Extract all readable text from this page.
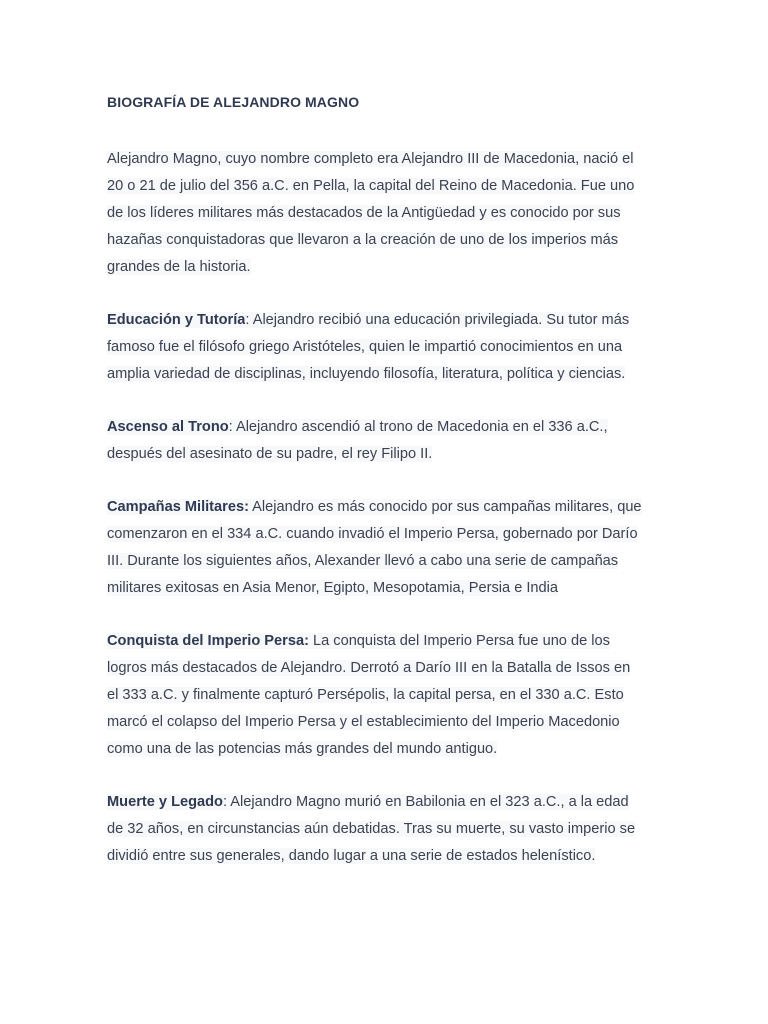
BIOGRAFÍA DE ALEJANDRO MAGNO
Alejandro Magno, cuyo nombre completo era Alejandro III de Macedonia, nació el
20 o 21 de julio del 356 a.C. en Pella, la capital del Reino de Macedonia. Fue uno
de los líderes militares más destacados de la Antigüedad y es conocido por sus
hazañas conquistadoras que llevaron a la creación de uno de los imperios más
grandes de la historia.
Educación y Tutoría: Alejandro recibió una educación privilegiada. Su tutor más
famoso fue el filósofo griego Aristóteles, quien le impartió conocimientos en una
amplia variedad de disciplinas, incluyendo filosofía, literatura, política y ciencias.
Ascenso al Trono: Alejandro ascendió al trono de Macedonia en el 336 a.C.,
después del asesinato de su padre, el rey Filipo II.
Campañas Militares: Alejandro es más conocido por sus campañas militares, que
comenzaron en el 334 a.C. cuando invadió el Imperio Persa, gobernado por Darío
III. Durante los siguientes años, Alexander llevó a cabo una serie de campañas
militares exitosas en Asia Menor, Egipto, Mesopotamia, Persia e India
Conquista del Imperio Persa: La conquista del Imperio Persa fue uno de los
logros más destacados de Alejandro. Derrotó a Darío III en la Batalla de Issos en
el 333 a.C. y finalmente capturó Persépolis, la capital persa, en el 330 a.C. Esto
marcó el colapso del Imperio Persa y el establecimiento del Imperio Macedonio
como una de las potencias más grandes del mundo antiguo.
Muerte y Legado: Alejandro Magno murió en Babilonia en el 323 a.C., a la edad
de 32 años, en circunstancias aún debatidas. Tras su muerte, su vasto imperio se
dividió entre sus generales, dando lugar a una serie de estados helenístico.
